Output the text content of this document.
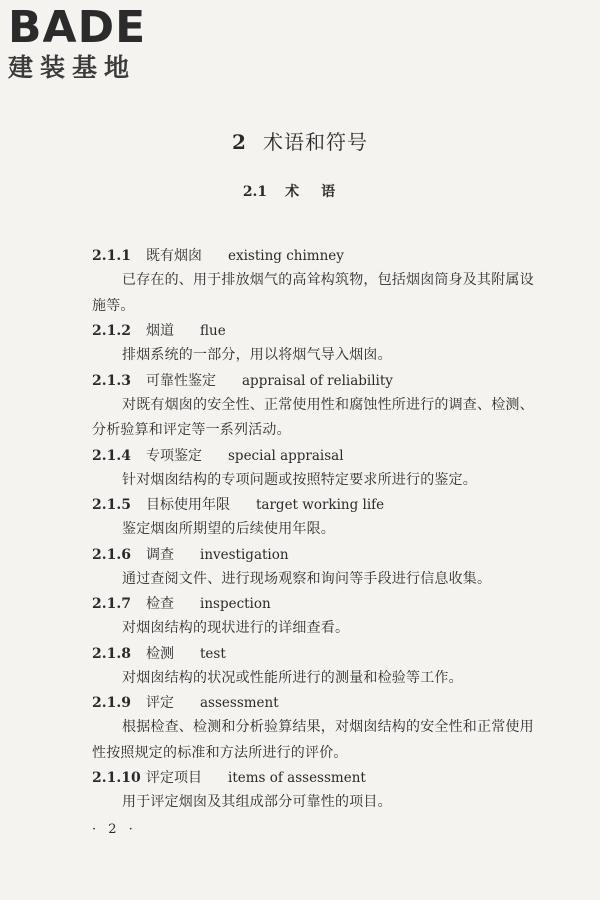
BADE
建装基地
2 术语和符号
2.1 术语
2.1.1 既有烟囱 existing chimney

已存在的、用于排放烟气的高耸构筑物，包括烟囱筒身及其附属设施等。

2.1.2 烟道 flue

排烟系统的一部分，用以将烟气导入烟囱。

2.1.3 可靠性鉴定 appraisal of reliability

对既有烟囱的安全性、正常使用性和腐蚀性所进行的调查、检测、分析验算和评定等一系列活动。

2.1.4 专项鉴定 special appraisal

针对烟囱结构的专项问题或按照特定要求所进行的鉴定。

2.1.5 目标使用年限 target working life

鉴定烟囱所期望的后续使用年限。

2.1.6 调查 investigation

通过查阅文件、进行现场观察和询问等手段进行信息收集。

2.1.7 检查 inspection

对烟囱结构的现状进行的详细查看。

2.1.8 检测 test

对烟囱结构的状况或性能所进行的测量和检验等工作。

2.1.9 评定 assessment

根据检查、检测和分析验算结果，对烟囱结构的安全性和正常使用性按照规定的标准和方法所进行的评价。

2.1.10 评定项目 items of assessment

用于评定烟囱及其组成部分可靠性的项目。

· 2 ·
